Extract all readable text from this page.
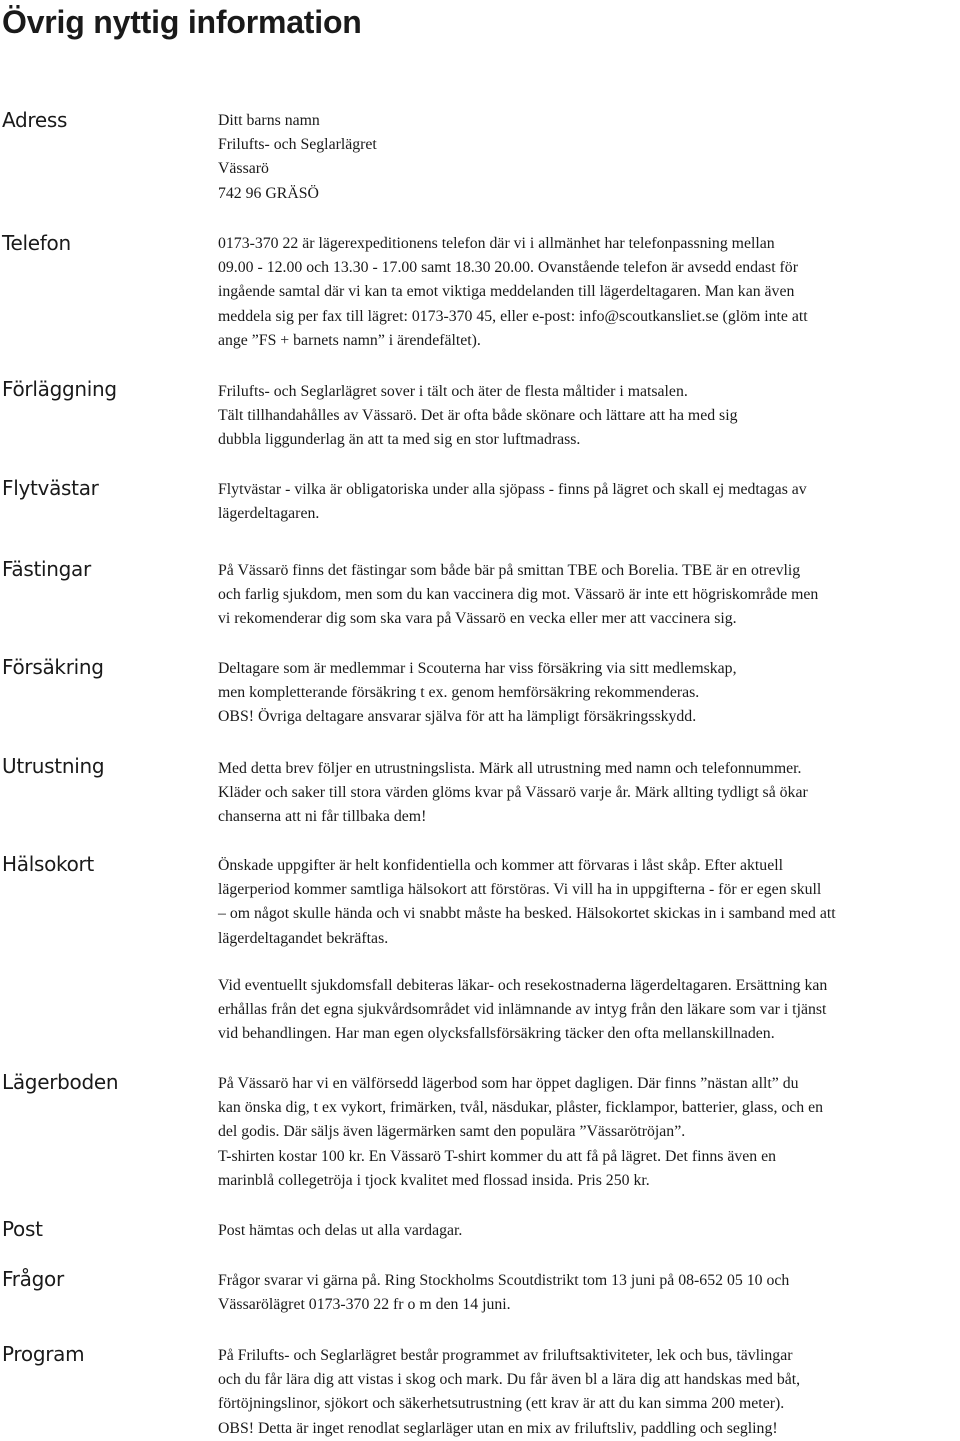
Övrig nyttig information
Adress	Ditt barns namn
Frilufts- och Seglarlägret
Vässarö
742 96 GRÄSÖ
Telefon	0173-370 22 är lägerexpeditionens telefon där vi i allmänhet har telefonpassning mellan
09.00 - 12.00 och 13.30 - 17.00 samt 18.30 20.00. Ovanstående telefon är avsedd endast för
ingående samtal där vi kan ta emot viktiga meddelanden till lägerdeltagaren. Man kan även
meddela sig per fax till lägret: 0173-370 45, eller e-post: info@scoutkansliet.se (glöm inte att
ange ”FS + barnets namn” i ärendefältet).
Förläggning	Frilufts- och Seglarlägret sover i tält och äter de flesta måltider i matsalen.
Tält tillhandahålles av Vässarö. Det är ofta både skönare och lättare att ha med sig
dubbla liggunderlag än att ta med sig en stor luftmadrass.
Flytvästar	Flytvästar - vilka är obligatoriska under alla sjöpass - finns på lägret och skall ej medtagas av
lägerdeltagaren.
Fästingar	På Vässarö finns det fästingar som både bär på smittan TBE och Borelia. TBE är en otrevlig
och farlig sjukdom, men som du kan vaccinera dig mot. Vässarö är inte ett högriskområde men
vi rekomenderar dig som ska vara på Vässarö en vecka eller mer att vaccinera sig.
Försäkring	Deltagare som är medlemmar i Scouterna har viss försäkring via sitt medlemskap,
men kompletterande försäkring t ex. genom hemförsäkring rekommenderas.
OBS! Övriga deltagare ansvarar själva för att ha lämpligt försäkringsskydd.
Utrustning	Med detta brev följer en utrustningslista. Märk all utrustning med namn och telefonnummer.
Kläder och saker till stora värden glöms kvar på Vässarö varje år. Märk allting tydligt så ökar
chanserna att ni får tillbaka dem!
Hälsokort	Önskade uppgifter är helt konfidentiella och kommer att förvaras i låst skåp. Efter aktuell
lägerperiod kommer samtliga hälsokort att förstöras. Vi vill ha in uppgifterna - för er egen skull
– om något skulle hända och vi snabbt måste ha besked. Hälsokortet skickas in i samband med att
lägerdeltagandet bekräftas.
Vid eventuellt sjukdomsfall debiteras läkar- och resekostnaderna lägerdeltagaren. Ersättning kan
erhållas från det egna sjukvårdsområdet vid inlämnande av intyg från den läkare som var i tjänst
vid behandlingen. Har man egen olycksfallsförsäkring täcker den ofta mellanskillnaden.
Lägerboden	På Vässarö har vi en välförsedd lägerbod som har öppet dagligen. Där finns ”nästan allt” du
kan önska dig, t ex vykort, frimärken, tvål, näsdukar, plåster, ficklampor, batterier, glass, och en
del godis. Där säljs även lägermärken samt den populära ”Vässarötröjan”.
T-shirten kostar 100 kr. En Vässarö T-shirt kommer du att få på lägret. Det finns även en
marinblå collegetröja i tjock kvalitet med flossad insida. Pris 250 kr.
Post	Post hämtas och delas ut alla vardagar.
Frågor	Frågor svarar vi gärna på. Ring Stockholms Scoutdistrikt tom 13 juni på 08-652 05 10 och
Vässarölägret 0173-370 22 fr o m den 14 juni.
Program	På Frilufts- och Seglarlägret består programmet av friluftsaktiviteter, lek och bus, tävlingar
och du får lära dig att vistas i skog och mark. Du får även bl a lära dig att handskas med båt,
förtöjningslinor, sjökort och säkerhetsutrustning (ett krav är att du kan simma 200 meter).
OBS! Detta är inget renodlat seglarläger utan en mix av friluftsliv, paddling och segling!
